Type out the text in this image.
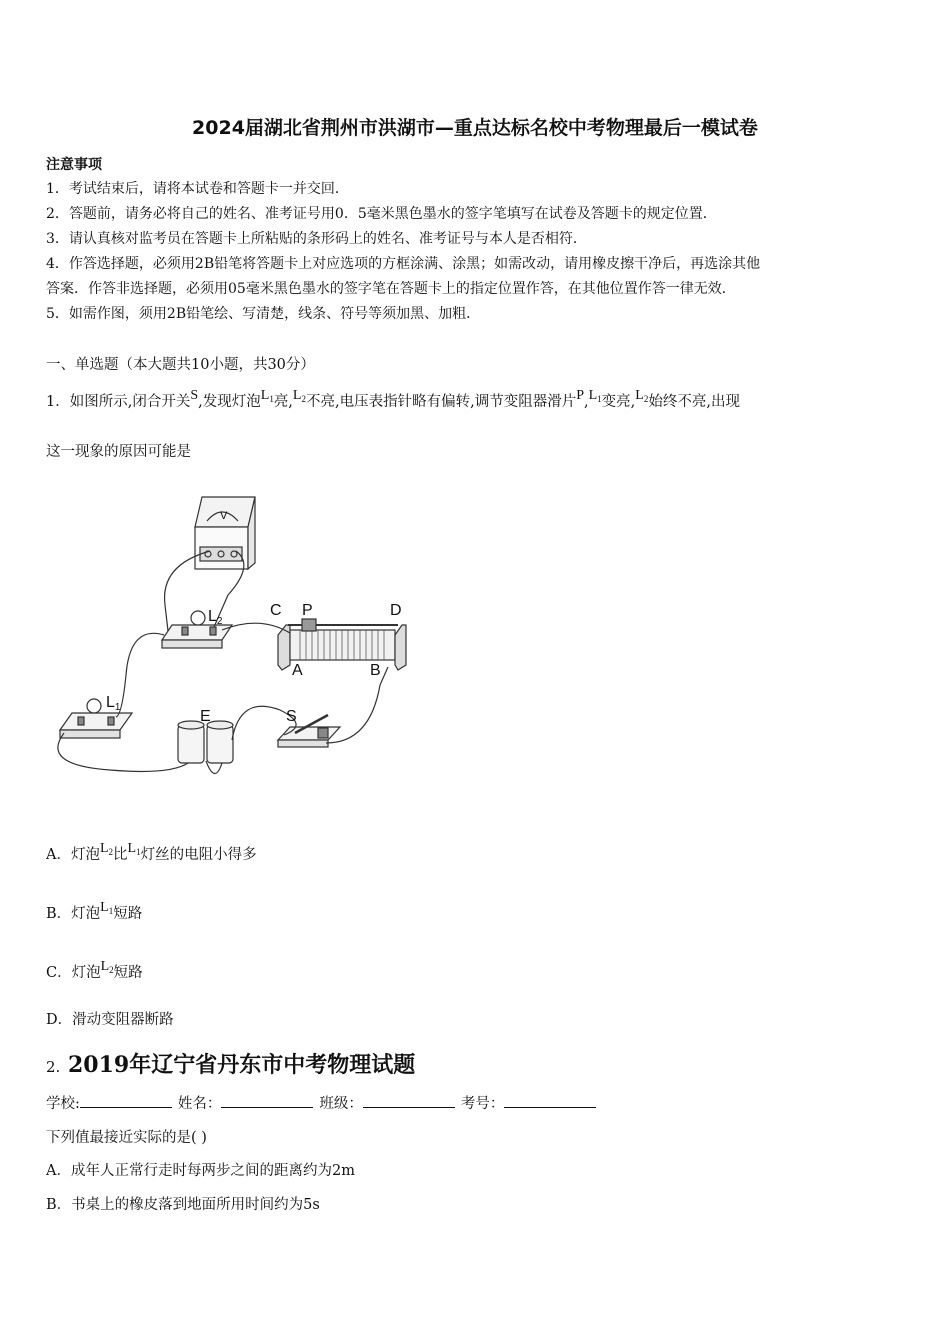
2024届湖北省荆州市洪湖市—重点达标名校中考物理最后一模试卷
注意事项
1．考试结束后，请将本试卷和答题卡一并交回．
2．答题前，请务必将自己的姓名、准考证号用0．5毫米黑色墨水的签字笔填写在试卷及答题卡的规定位置．
3．请认真核对监考员在答题卡上所粘贴的条形码上的姓名、准考证号与本人是否相符．
4．作答选择题，必须用2B铅笔将答题卡上对应选项的方框涂满、涂黑；如需改动，请用橡皮擦干净后，再选涂其他
答案．作答非选择题，必须用05毫米黑色墨水的签字笔在答题卡上的指定位置作答，在其他位置作答一律无效．
5．如需作图，须用2B铅笔绘、写清楚，线条、符号等须加黑、加粗．
一、单选题（本大题共10小题，共30分）
1．如图所示,闭合开关S,发现灯泡$L_1$亮$,L_2$不亮,电压表指针略有偏转,调节变阻器滑片$P,L_1$变亮$,L_2$始终不亮,出现
这一现象的原因可能是
V
L2
L1
C P	D
A	B
E	S
A．灯泡$L_2$比$L_1$灯丝的电阻小得多
B．灯泡$L_1$短路
C．灯泡$L_2$短路
D．滑动变阻器断路
2. 2019年辽宁省丹东市中考物理试题
学校:	姓名：	班级：	考号：
下列值最接近实际的是( )
A．成年人正常行走时每两步之间的距离约为2m
B．书桌上的橡皮落到地面所用时间约为5s
